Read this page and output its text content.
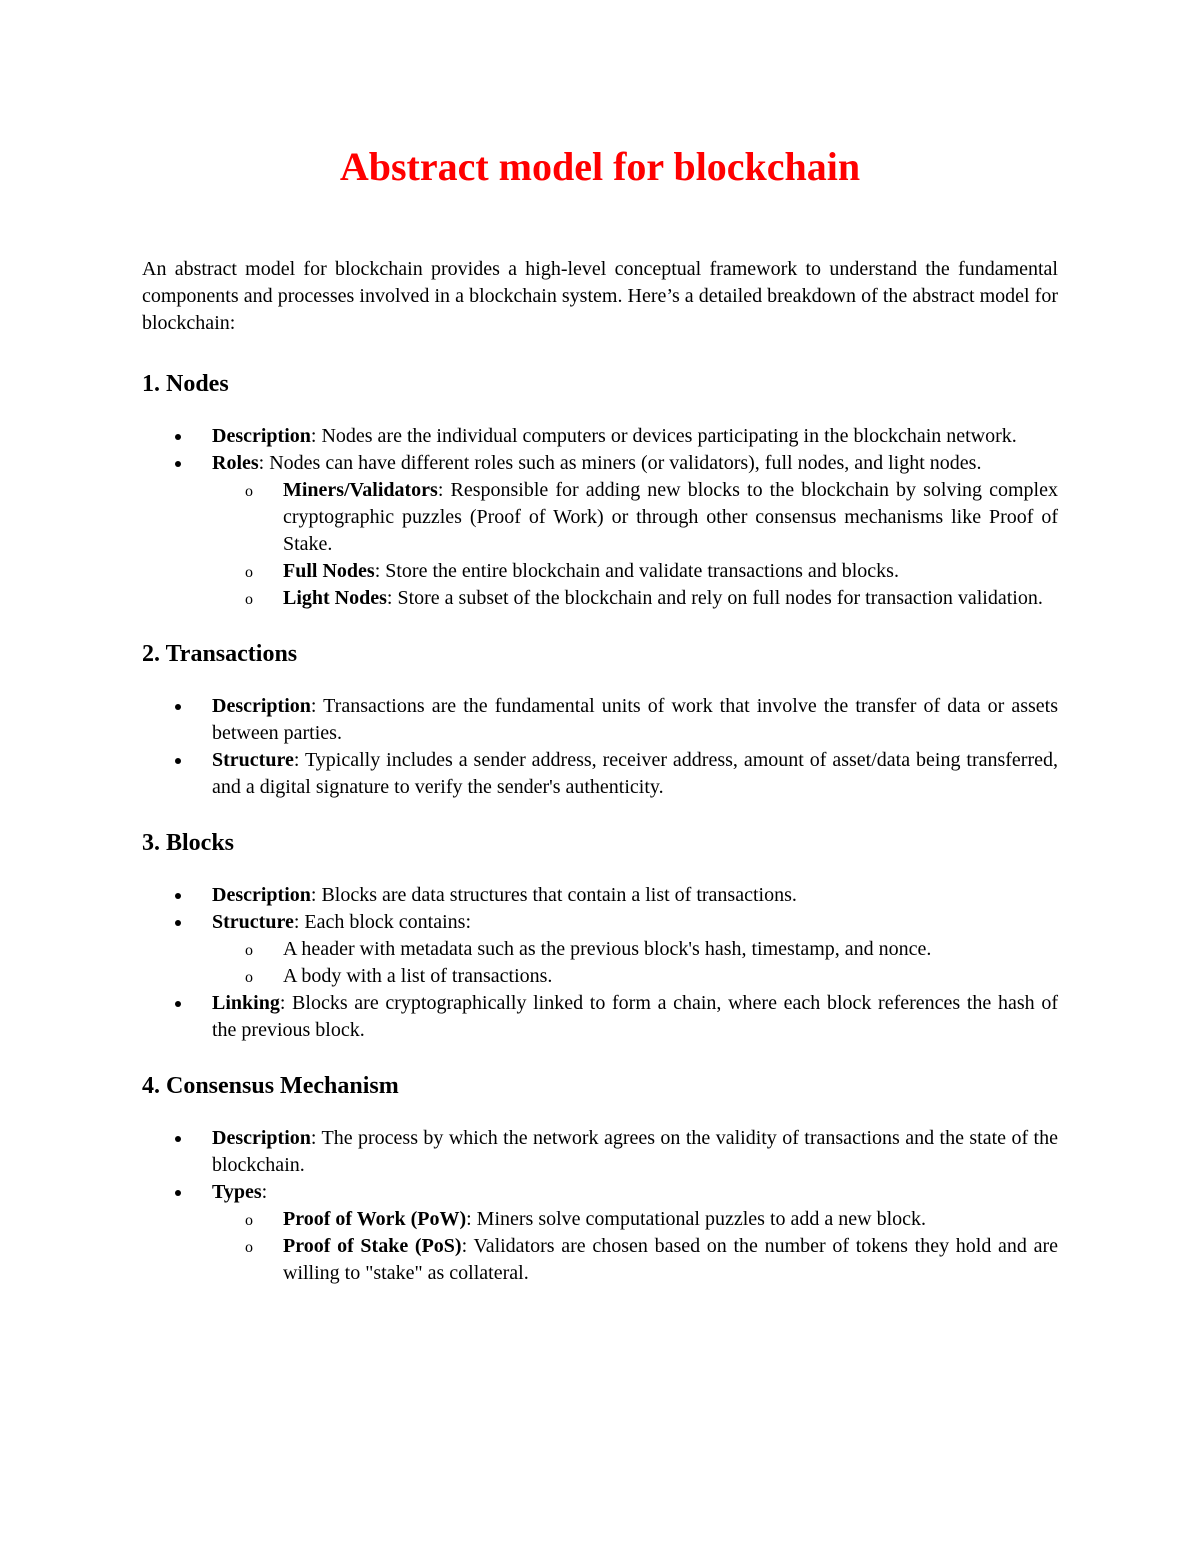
Abstract model for blockchain

An abstract model for blockchain provides a high-level conceptual framework to understand the fundamental components and processes involved in a blockchain system. Here’s a detailed breakdown of the abstract model for blockchain:

1. Nodes
Description: Nodes are the individual computers or devices participating in the blockchain network.
Roles: Nodes can have different roles such as miners (or validators), full nodes, and light nodes.
o Miners/Validators: Responsible for adding new blocks to the blockchain by solving complex cryptographic puzzles (Proof of Work) or through other consensus mechanisms like Proof of Stake.
o Full Nodes: Store the entire blockchain and validate transactions and blocks.
o Light Nodes: Store a subset of the blockchain and rely on full nodes for transaction validation.
2. Transactions
Description: Transactions are the fundamental units of work that involve the transfer of data or assets between parties.
Structure: Typically includes a sender address, receiver address, amount of asset/data being transferred, and a digital signature to verify the sender's authenticity.
3. Blocks
Description: Blocks are data structures that contain a list of transactions.
Structure: Each block contains:
o A header with metadata such as the previous block's hash, timestamp, and nonce.
o A body with a list of transactions.
Linking: Blocks are cryptographically linked to form a chain, where each block references the hash of the previous block.
4. Consensus Mechanism
Description: The process by which the network agrees on the validity of transactions and the state of the blockchain.
Types:
o Proof of Work (PoW): Miners solve computational puzzles to add a new block.
o Proof of Stake (PoS): Validators are chosen based on the number of tokens they hold and are willing to "stake" as collateral.
